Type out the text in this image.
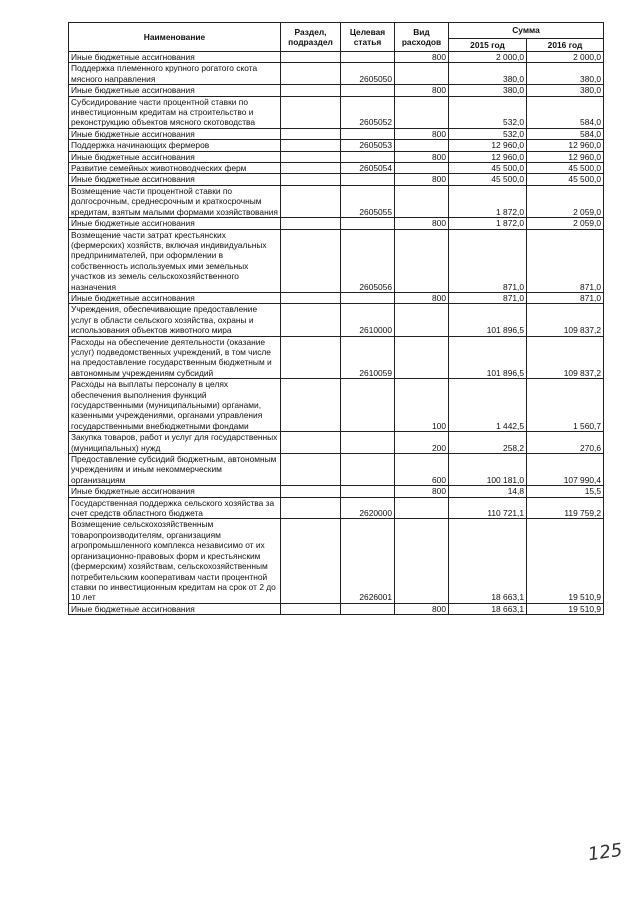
Наименование	Раздел, подраздел	Целевая статья	Вид расходов	Сумма	
				2015 год	2016 год
Иные бюджетные ассигнования			800	2 000,0	2 000,0
Поддержка племенного крупного рогатого скота мясного направления		2605050		380,0	380,0
Иные бюджетные ассигнования			800	380,0	380,0
Субсидирование части процентной ставки по инвестиционным кредитам на строительство и реконструкцию объектов мясного скотоводства		2605052		532,0	584,0
Иные бюджетные ассигнования			800	532,0	584,0
Поддержка начинающих фермеров		2605053		12 960,0	12 960,0
Иные бюджетные ассигнования			800	12 960,0	12 960,0
Развитие семейных животноводческих ферм		2605054		45 500,0	45 500,0
Иные бюджетные ассигнования			800	45 500,0	45 500,0
Возмещение части процентной ставки по долгосрочным, среднесрочным и краткосрочным кредитам, взятым малыми формами хозяйствования		2605055		1 872,0	2 059,0
Иные бюджетные ассигнования			800	1 872,0	2 059,0
Возмещение части затрат крестьянских (фермерских) хозяйств, включая индивидуальных предпринимателей, при оформлении в собственность используемых ими земельных участков из земель сельскохозяйственного назначения		2605056		871,0	871,0
Иные бюджетные ассигнования			800	871,0	871,0
Учреждения, обеспечивающие предоставление услуг в области сельского хозяйства, охраны и использования объектов животного мира		2610000		101 896,5	109 837,2
Расходы на обеспечение деятельности (оказание услуг) подведомственных учреждений, в том числе на предоставление государственным бюджетным и автономным учреждениям субсидий		2610059		101 896,5	109 837,2
Расходы на выплаты персоналу в целях обеспечения выполнения функций государственными (муниципальными) органами, казенными учреждениями, органами управления государственными внебюджетными фондами			100	1 442,5	1 560,7
Закупка товаров, работ и услуг для государственных (муниципальных) нужд			200	258,2	270,6
Предоставление субсидий бюджетным, автономным учреждениям и иным некоммерческим организациям			600	100 181,0	107 990,4
Иные бюджетные ассигнования			800	14,8	15,5
Государственная поддержка сельского хозяйства за счет средств областного бюджета		2620000		110 721,1	119 759,2
Возмещение сельскохозяйственным товаропроизводителям, организациям агропромышленного комплекса независимо от их организационно-правовых форм и крестьянским (фермерским) хозяйствам, сельскохозяйственным потребительским кооперативам части процентной ставки по инвестиционным кредитам на срок от 2 до 10 лет		2626001		18 663,1	19 510,9
Иные бюджетные ассигнования			800	18 663,1	19 510,9
125
